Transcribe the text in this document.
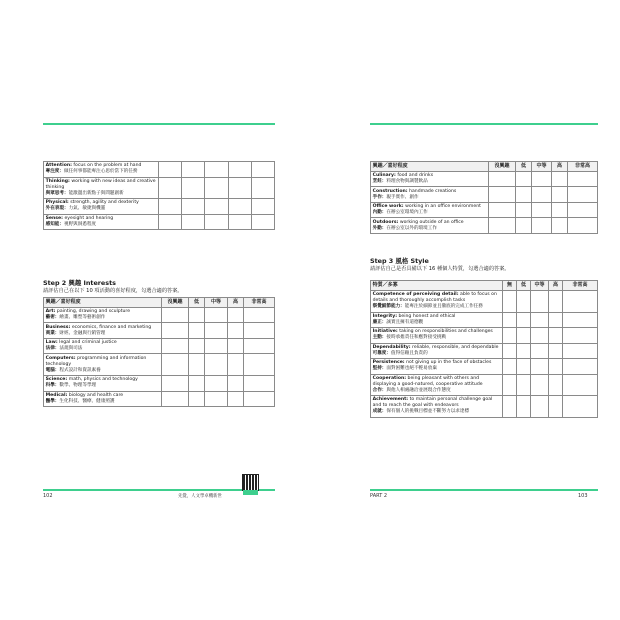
Attention: focus on the problem at hand
專注度：做任何事都能專注心思於當下的任務					

Thinking: working with new ideas and creative thinking
與眾思考：能激盪出新點子與問題創新					

Physical: strength, agility and dexterity
外在表現：力氣、敏捷與機靈					

Sense: eyesight and hearing
感知能：視野與洞悉程度					

Step 2 興趣 Interests
請評估自己在以下 10 項活動的喜好程度，勾選合適的答案。
興趣／喜好程度	沒興趣	低	中等	高	非常高
Art: painting, drawing and sculpture
藝術：繪畫、雕塑等藝術創作					

Business: economics, finance and marketing
商業：財經、金融與行銷管理					

Law: legal and criminal justice
法律：法規與司法					

Computers: programming and information technology
電腦：程式設計和資訊素養					

Science: math, physics and technology
科學：數學、物理等學理					

Medical: biology and health care
醫學：生化科技、醫療、健康照護					

102	先覺，人文學卓機新世
興趣／喜好程度	沒興趣	低	中等	高	非常高
Culinary: food and drinks
烹飪：料理食物與調製飲品					

Construction: handmade creations
手作：親手實作、創作					

Office work: working in an office environment
內勤：在辦公室環境內工作					

Outdoors: working outside of an office
外勤：在辦公室以外的環境工作					

Step 3 風格 Style
請評估自己是否具備以下 16 種個人特質，勾選合適的答案。
特質／多寡	無	低	中等	高	非常高
Competence of perceiving detail: able to focus on details and thoroughly accomplish tasks
察覺細節能力：能專注於細節並且徹底的完成工作任務					

Integrity: being honest and ethical
廉正：誠實且擁有道德觀					

Initiative: taking on responsibilities and challenges
主動：接時承擔責任和應對接受挑戰					

Dependability: reliable, responsible, and dependable
可靠度：值得信賴且負責的					

Persistence: not giving up in the face of obstacles
堅持：面對困難也絕不輕易放棄					

Cooperation: being pleasant with others and displaying a good-natured, cooperative attitude
合作：與他人相處融洽並展現合作態度					

Achievement: to maintain personal challenge goal and to reach the goal with endeavors
成就：保有個人的挑戰目標並不斷努力以求達標					

PART 2	103
